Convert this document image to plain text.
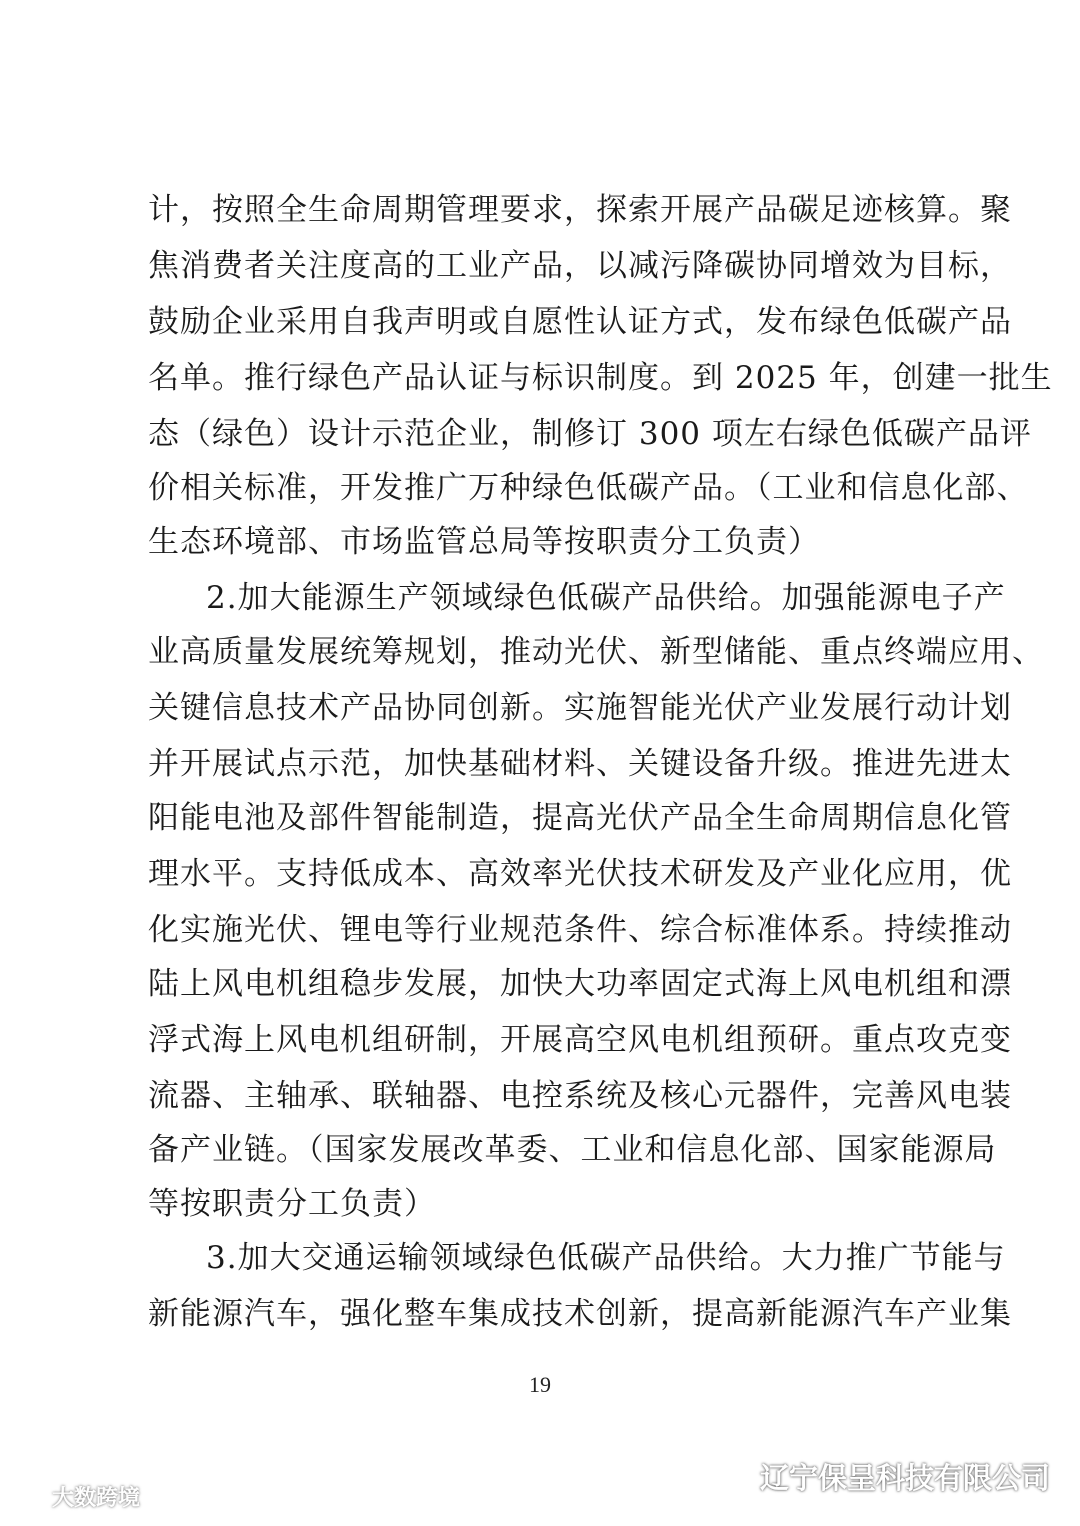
计，按照全生命周期管理要求，探索开展产品碳足迹核算。聚
焦消费者关注度高的工业产品，以减污降碳协同增效为目标，
鼓励企业采用自我声明或自愿性认证方式，发布绿色低碳产品
名单。推行绿色产品认证与标识制度。到 2025 年，创建一批生
态（绿色）设计示范企业，制修订 300 项左右绿色低碳产品评
价相关标准，开发推广万种绿色低碳产品。（工业和信息化部、
生态环境部、市场监管总局等按职责分工负责）
2.加大能源生产领域绿色低碳产品供给。加强能源电子产
业高质量发展统筹规划，推动光伏、新型储能、重点终端应用、
关键信息技术产品协同创新。实施智能光伏产业发展行动计划
并开展试点示范，加快基础材料、关键设备升级。推进先进太
阳能电池及部件智能制造，提高光伏产品全生命周期信息化管
理水平。支持低成本、高效率光伏技术研发及产业化应用，优
化实施光伏、锂电等行业规范条件、综合标准体系。持续推动
陆上风电机组稳步发展，加快大功率固定式海上风电机组和漂
浮式海上风电机组研制，开展高空风电机组预研。重点攻克变
流器、主轴承、联轴器、电控系统及核心元器件，完善风电装
备产业链。（国家发展改革委、工业和信息化部、国家能源局
等按职责分工负责）
3.加大交通运输领域绿色低碳产品供给。大力推广节能与
新能源汽车，强化整车集成技术创新，提高新能源汽车产业集
19
大数跨境
辽宁保呈科技有限公司
